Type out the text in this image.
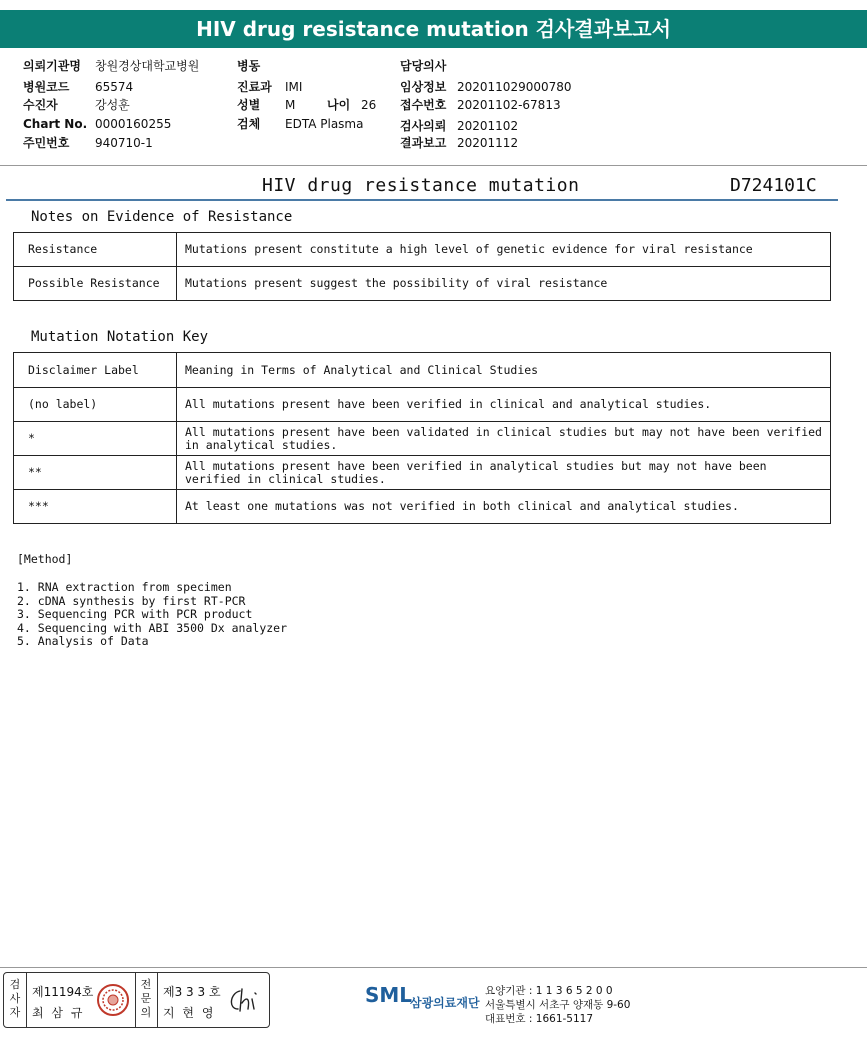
HIV drug resistance mutation 검사결과보고서
의뢰기관명 창원경상대학교병원
병원코드 65574
수진자	강성훈
Chart No. 0000160255
주민번호 940710-1
병동
진료과 IMI
성별 M
검체 EDTA Plasma
나이 26
담당의사
임상정보 202011029000780
접수번호 20201102-67813
검사의뢰 20201102
결과보고 20201112
HIV drug resistance mutation	D724101C
Notes on Evidence of Resistance
Resistance	Mutations present constitute a high level of genetic evidence for viral resistance
Possible Resistance	Mutations present suggest the possibility of viral resistance
Mutation Notation Key
Disclaimer Label	Meaning in Terms of Analytical and Clinical Studies
(no label)	All mutations present have been verified in clinical and analytical studies.
*	All mutations present have been validated in clinical studies but may not have been verified in analytical studies.
**	All mutations present have been verified in analytical studies but may not have been verified in clinical studies.
***	At least one mutations was not verified in both clinical and analytical studies.
[Method]
1. RNA extraction from specimen
2. cDNA synthesis by first RT-PCR
3. Sequencing PCR with PCR product
4. Sequencing with ABI 3500 Dx analyzer
5. Analysis of Data
검
사
자
제11194호
최 삼 규
전
문
의
제3 3 3 호
지 현 영
SML
삼광의료재단
요양기관 : 1 1 3 6 5 2 0 0
서울특별시 서초구 양재동 9-60
대표번호 : 1661-5117
